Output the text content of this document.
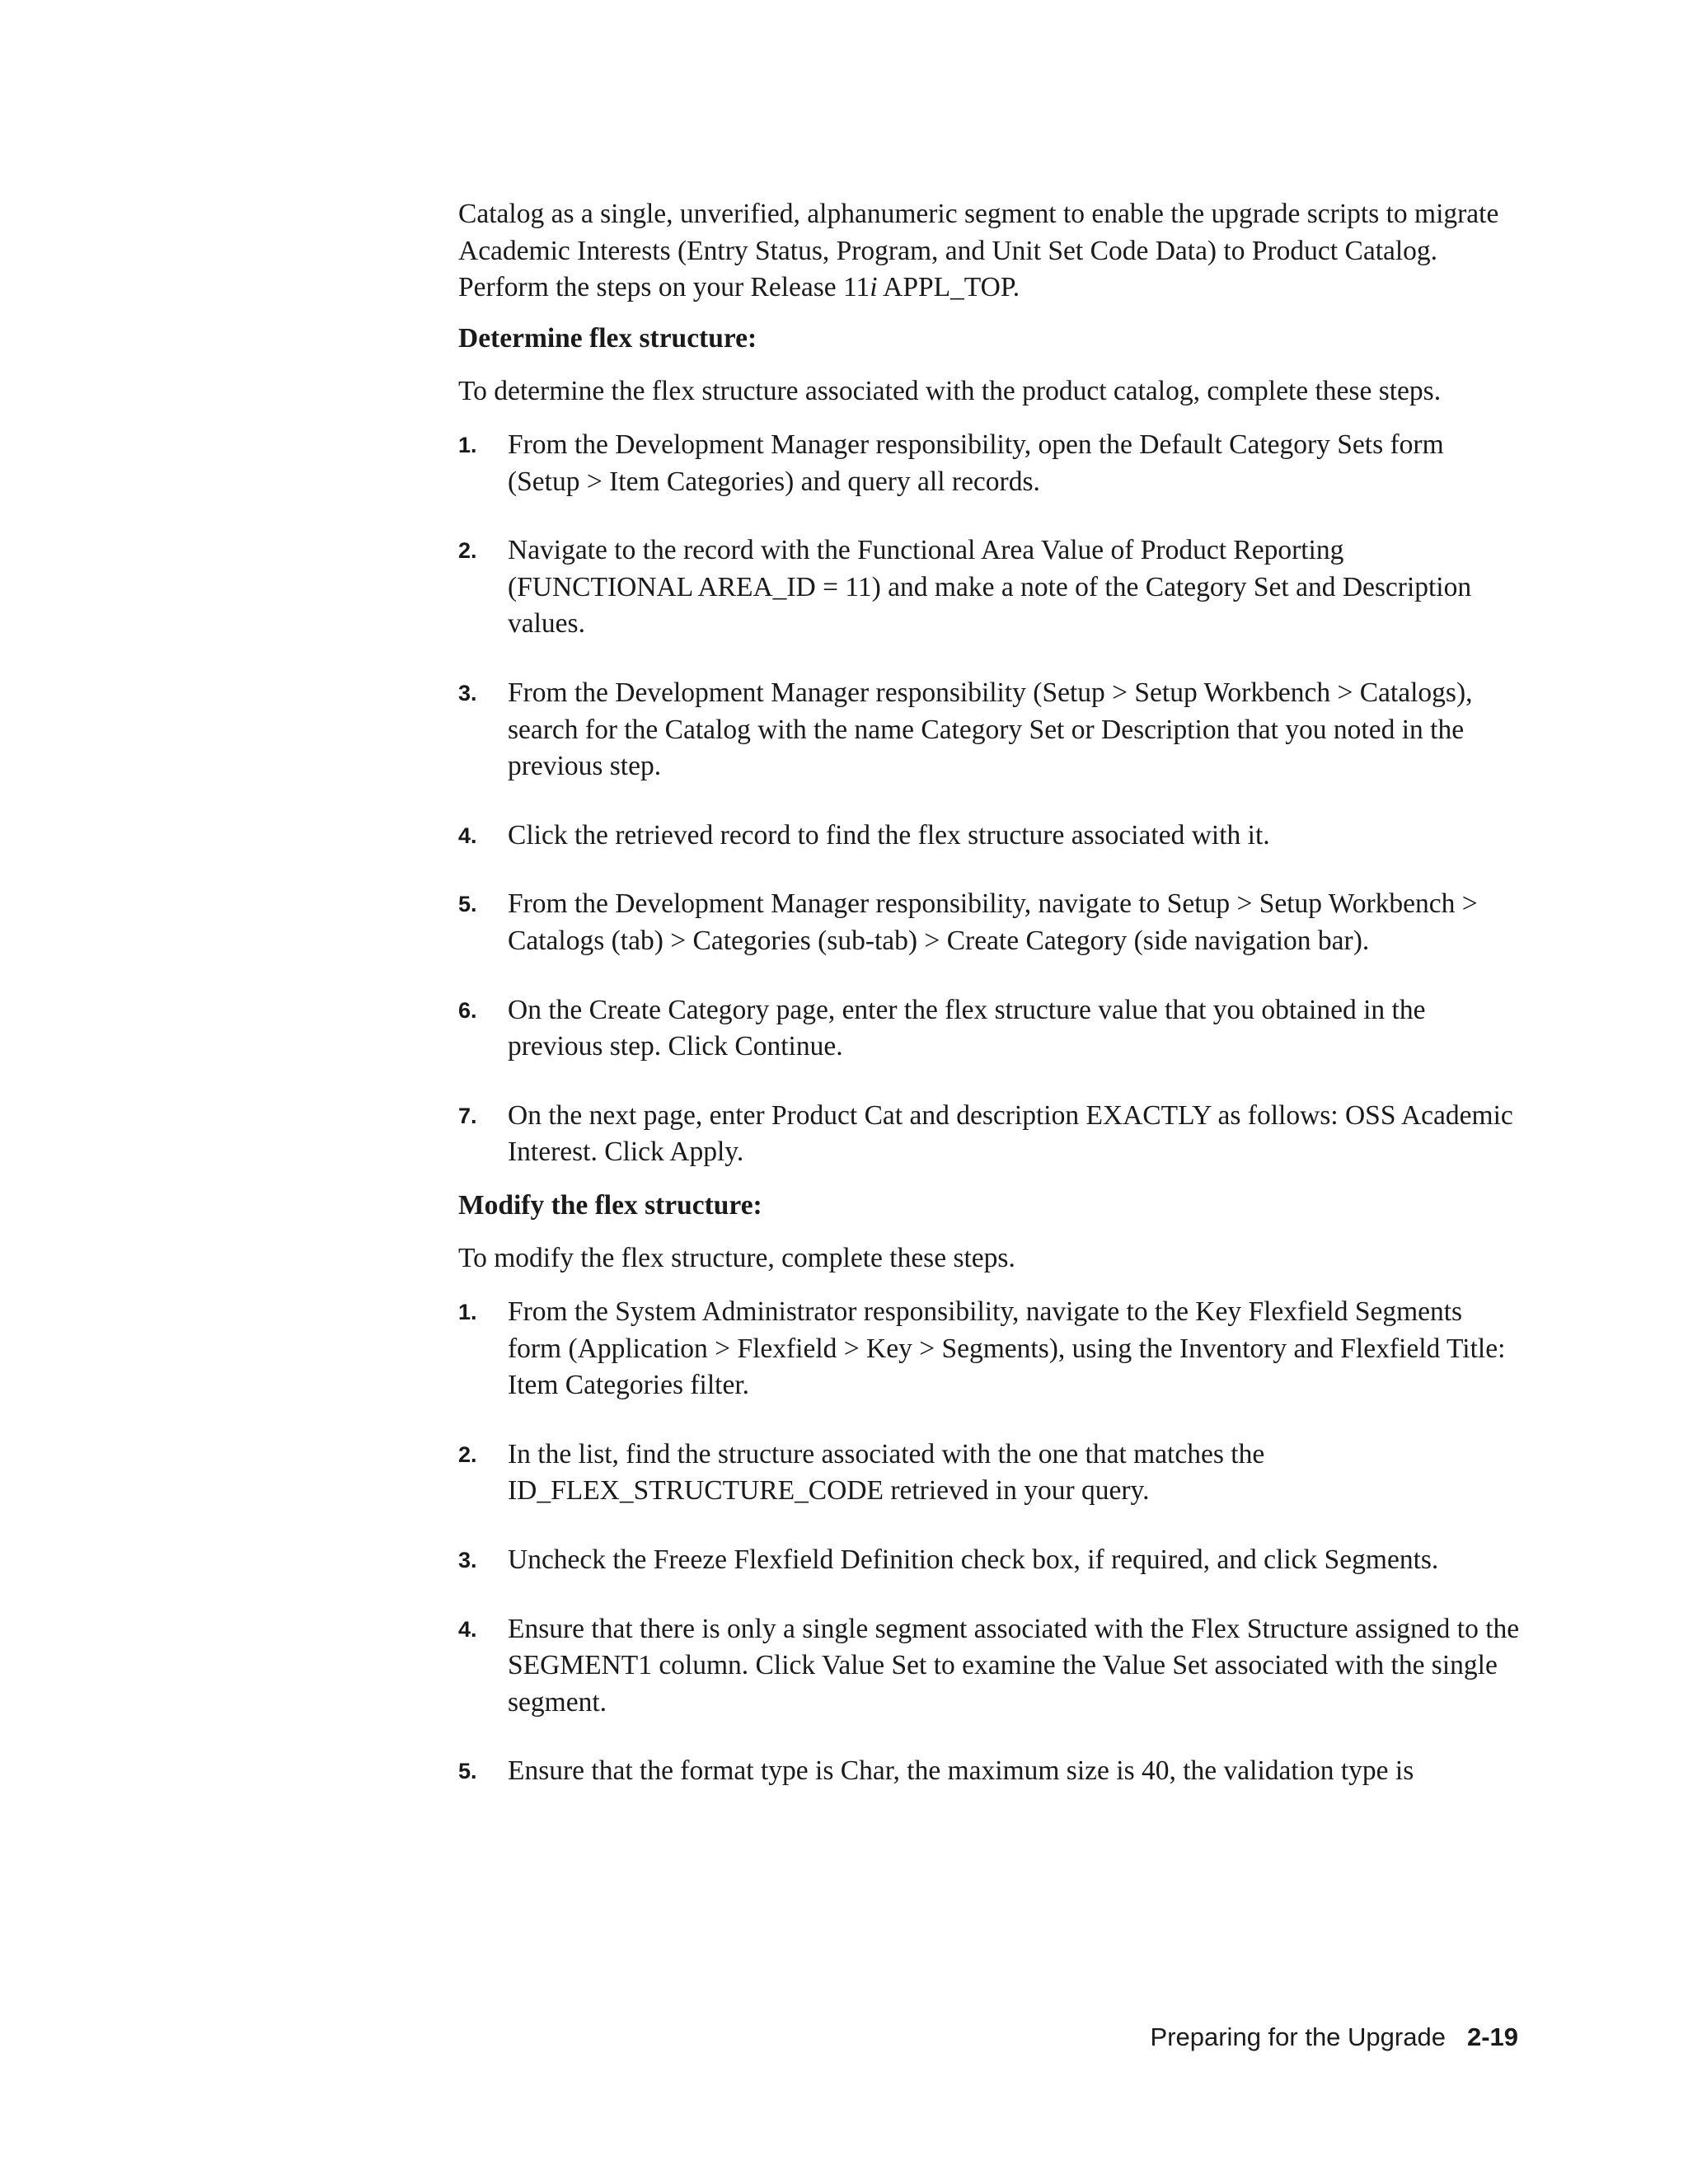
Catalog as a single, unverified, alphanumeric segment to enable the upgrade scripts to migrate Academic Interests (Entry Status, Program, and Unit Set Code Data) to Product Catalog. Perform the steps on your Release 11i APPL_TOP.

Determine flex structure:

To determine the flex structure associated with the product catalog, complete these steps.

1. From the Development Manager responsibility, open the Default Category Sets form (Setup > Item Categories) and query all records.
2. Navigate to the record with the Functional Area Value of Product Reporting (FUNCTIONAL AREA_ID = 11) and make a note of the Category Set and Description values.
3. From the Development Manager responsibility (Setup > Setup Workbench > Catalogs), search for the Catalog with the name Category Set or Description that you noted in the previous step.
4. Click the retrieved record to find the flex structure associated with it.
5. From the Development Manager responsibility, navigate to Setup > Setup Workbench > Catalogs (tab) > Categories (sub-tab) > Create Category (side navigation bar).
6. On the Create Category page, enter the flex structure value that you obtained in the previous step. Click Continue.
7. On the next page, enter Product Cat and description EXACTLY as follows: OSS Academic Interest. Click Apply.

Modify the flex structure:

To modify the flex structure, complete these steps.

1. From the System Administrator responsibility, navigate to the Key Flexfield Segments form (Application > Flexfield > Key > Segments), using the Inventory and Flexfield Title: Item Categories filter.
2. In the list, find the structure associated with the one that matches the ID_FLEX_STRUCTURE_CODE retrieved in your query.
3. Uncheck the Freeze Flexfield Definition check box, if required, and click Segments.
4. Ensure that there is only a single segment associated with the Flex Structure assigned to the SEGMENT1 column. Click Value Set to examine the Value Set associated with the single segment.
5. Ensure that the format type is Char, the maximum size is 40, the validation type is
Preparing for the Upgrade 2-19
